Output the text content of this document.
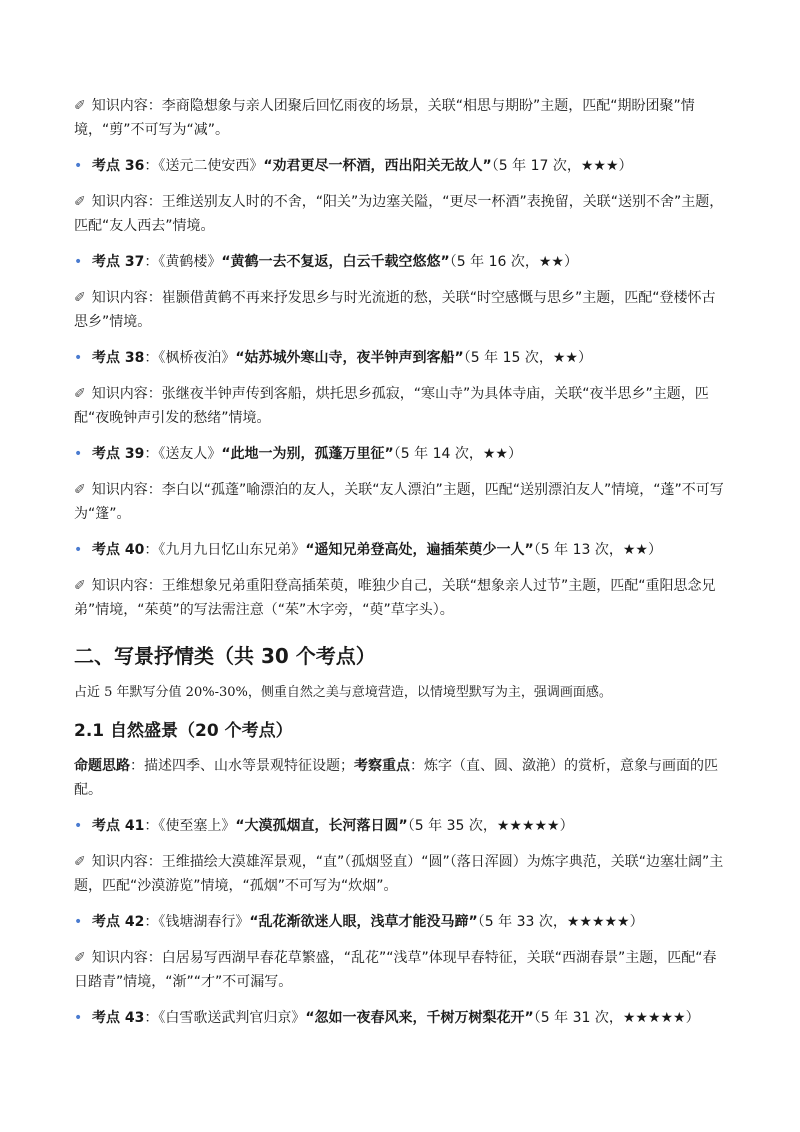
✐ 知识内容：李商隐想象与亲人团聚后回忆雨夜的场景，关联“相思与期盼”主题，匹配“期盼团聚”情境，“剪”不可写为“减”。

• 考点 36：《送元二使安西》“劝君更尽一杯酒，西出阳关无故人”（5 年 17 次，★★★）

✐ 知识内容：王维送别友人时的不舍，“阳关”为边塞关隘，“更尽一杯酒”表挽留，关联“送别不舍”主题，匹配“友人西去”情境。

• 考点 37：《黄鹤楼》“黄鹤一去不复返，白云千载空悠悠”（5 年 16 次，★★）

✐ 知识内容：崔颢借黄鹤不再来抒发思乡与时光流逝的愁，关联“时空感慨与思乡”主题，匹配“登楼怀古思乡”情境。

• 考点 38：《枫桥夜泊》“姑苏城外寒山寺，夜半钟声到客船”（5 年 15 次，★★）

✐ 知识内容：张继夜半钟声传到客船，烘托思乡孤寂，“寒山寺”为具体寺庙，关联“夜半思乡”主题，匹配“夜晚钟声引发的愁绪”情境。

• 考点 39：《送友人》“此地一为别，孤蓬万里征”（5 年 14 次，★★）

✐ 知识内容：李白以“孤蓬”喻漂泊的友人，关联“友人漂泊”主题，匹配“送别漂泊友人”情境，“蓬”不可写为“篷”。

• 考点 40：《九月九日忆山东兄弟》“遥知兄弟登高处，遍插茱萸少一人”（5 年 13 次，★★）

✐ 知识内容：王维想象兄弟重阳登高插茱萸，唯独少自己，关联“想象亲人过节”主题，匹配“重阳思念兄弟”情境，“茱萸”的写法需注意（“茱”木字旁，“萸”草字头）。

二、写景抒情类（共 30 个考点）

占近 5 年默写分值 20%-30%，侧重自然之美与意境营造，以情境型默写为主，强调画面感。

2.1 自然盛景（20 个考点）

命题思路：描述四季、山水等景观特征设题；考察重点：炼字（直、圆、潋滟）的赏析，意象与画面的匹配。

• 考点 41：《使至塞上》“大漠孤烟直，长河落日圆”（5 年 35 次，★★★★★）

✐ 知识内容：王维描绘大漠雄浑景观，“直”（孤烟竖直）“圆”（落日浑圆）为炼字典范，关联“边塞壮阔”主题，匹配“沙漠游览”情境，“孤烟”不可写为“炊烟”。

• 考点 42：《钱塘湖春行》“乱花渐欲迷人眼，浅草才能没马蹄”（5 年 33 次，★★★★★）

✐ 知识内容：白居易写西湖早春花草繁盛，“乱花”“浅草”体现早春特征，关联“西湖春景”主题，匹配“春日踏青”情境，“渐”“才”不可漏写。

• 考点 43：《白雪歌送武判官归京》“忽如一夜春风来，千树万树梨花开”（5 年 31 次，★★★★★）
